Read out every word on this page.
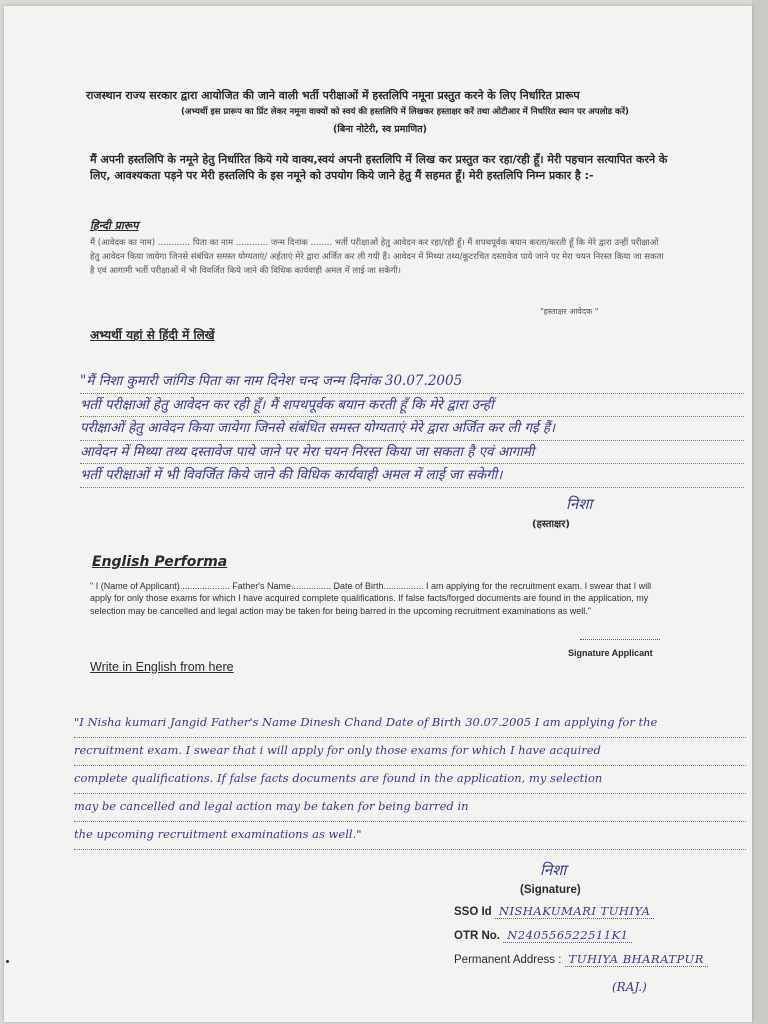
राजस्थान राज्य सरकार द्वारा आयोजित की जाने वाली भर्ती परीक्षाओं में हस्तलिपि नमूना प्रस्तुत करने के लिए निर्धारित प्रारूप
(अभ्यर्थी इस प्रारूप का प्रिंट लेकर नमूना वाक्यों को स्वयं की हस्तलिपि में लिखकर हस्ताक्षर करें तथा ओटीआर में निर्धारित स्थान पर अपलोड करें)
(बिना नोटेरी, स्व प्रमाणित)
मैं अपनी हस्तलिपि के नमूने हेतु निर्धारित किये गये वाक्य,स्वयं अपनी हस्तलिपि में लिख कर प्रस्तुत कर रहा/रही हूँ। मेरी पहचान सत्यापित करने के लिए, आवश्यकता पड़ने पर मेरी हस्तलिपि के इस नमूने को उपयोग किये जाने हेतु मैं सहमत हूँ। मेरी हस्तलिपि निम्न प्रकार है :-
हिन्दी प्रारूप
मैं (आवेदक का नाम) ............ पिता का नाम ............ जन्म दिनांक ........ भर्ती परीक्षाओं हेतु आवेदन कर रहा/रही हूँ। मैं शपथपूर्वक बयान करता/करती हूँ कि मेरे द्वारा उन्हीं परीक्षाओं हेतु आवेदन किया जायेगा जिनसे संबंधित समस्त योग्यताएं/ अर्हताएं मेरे द्वारा अर्जित कर ली गयी हैं। आवेदन में मिथ्या तथ्य/कूटरचित दस्तावेज पाये जाने पर मेरा चयन निरस्त किया जा सकता है एवं आगामी भर्ती परीक्षाओं में भी विवर्जित किये जाने की विधिक कार्यवाही अमल में लाई जा सकेगी।
"हस्ताक्षर आवेदक "
अभ्यर्थी यहां से हिंदी में लिखें
"मैं निशा कुमारी जांगिड पिता का नाम दिनेश चन्द जन्म दिनांक 30.07.2005
भर्ती परीक्षाओं हेतु आवेदन कर रही हूँ। मैं शपथपूर्वक बयान करती हूँ कि मेरे द्वारा उन्हीं
परीक्षाओं हेतु आवेदन किया जायेगा जिनसे संबंधित समस्त योग्यताएं मेरे द्वारा अर्जित कर ली गई हैं।
आवेदन में मिथ्या तथ्य दस्तावेज पाये जाने पर मेरा चयन निरस्त किया जा सकता है एवं आगामी
भर्ती परीक्षाओं में भी विवर्जित किये जाने की विधिक कार्यवाही अमल में लाई जा सकेगी।
निशा
(हस्ताक्षर)
English Performa
" I (Name of Applicant).................... Father's Name................ Date of Birth................ I am applying for the recruitment exam. I swear that I will apply for only those exams for which I have acquired complete qualifications. If false facts/forged documents are found in the application, my selection may be cancelled and legal action may be taken for being barred in the upcoming recruitment examinations as well."
Signature Applicant
Write in English from here
"I Nisha kumari Jangid Father's Name Dinesh Chand Date of Birth 30.07.2005 I am applying for the
recruitment exam. I swear that i will apply for only those exams for which I have acquired
complete qualifications. If false facts documents are found in the application, my selection
may be cancelled and legal action may be taken for being barred in
the upcoming recruitment examinations as well."
निशा
(Signature)
SSO Id NISHAKUMARI TUHIYA
OTR No. N240556522511K1
Permanent Address : TUHIYA BHARATPUR
(RAJ.)
